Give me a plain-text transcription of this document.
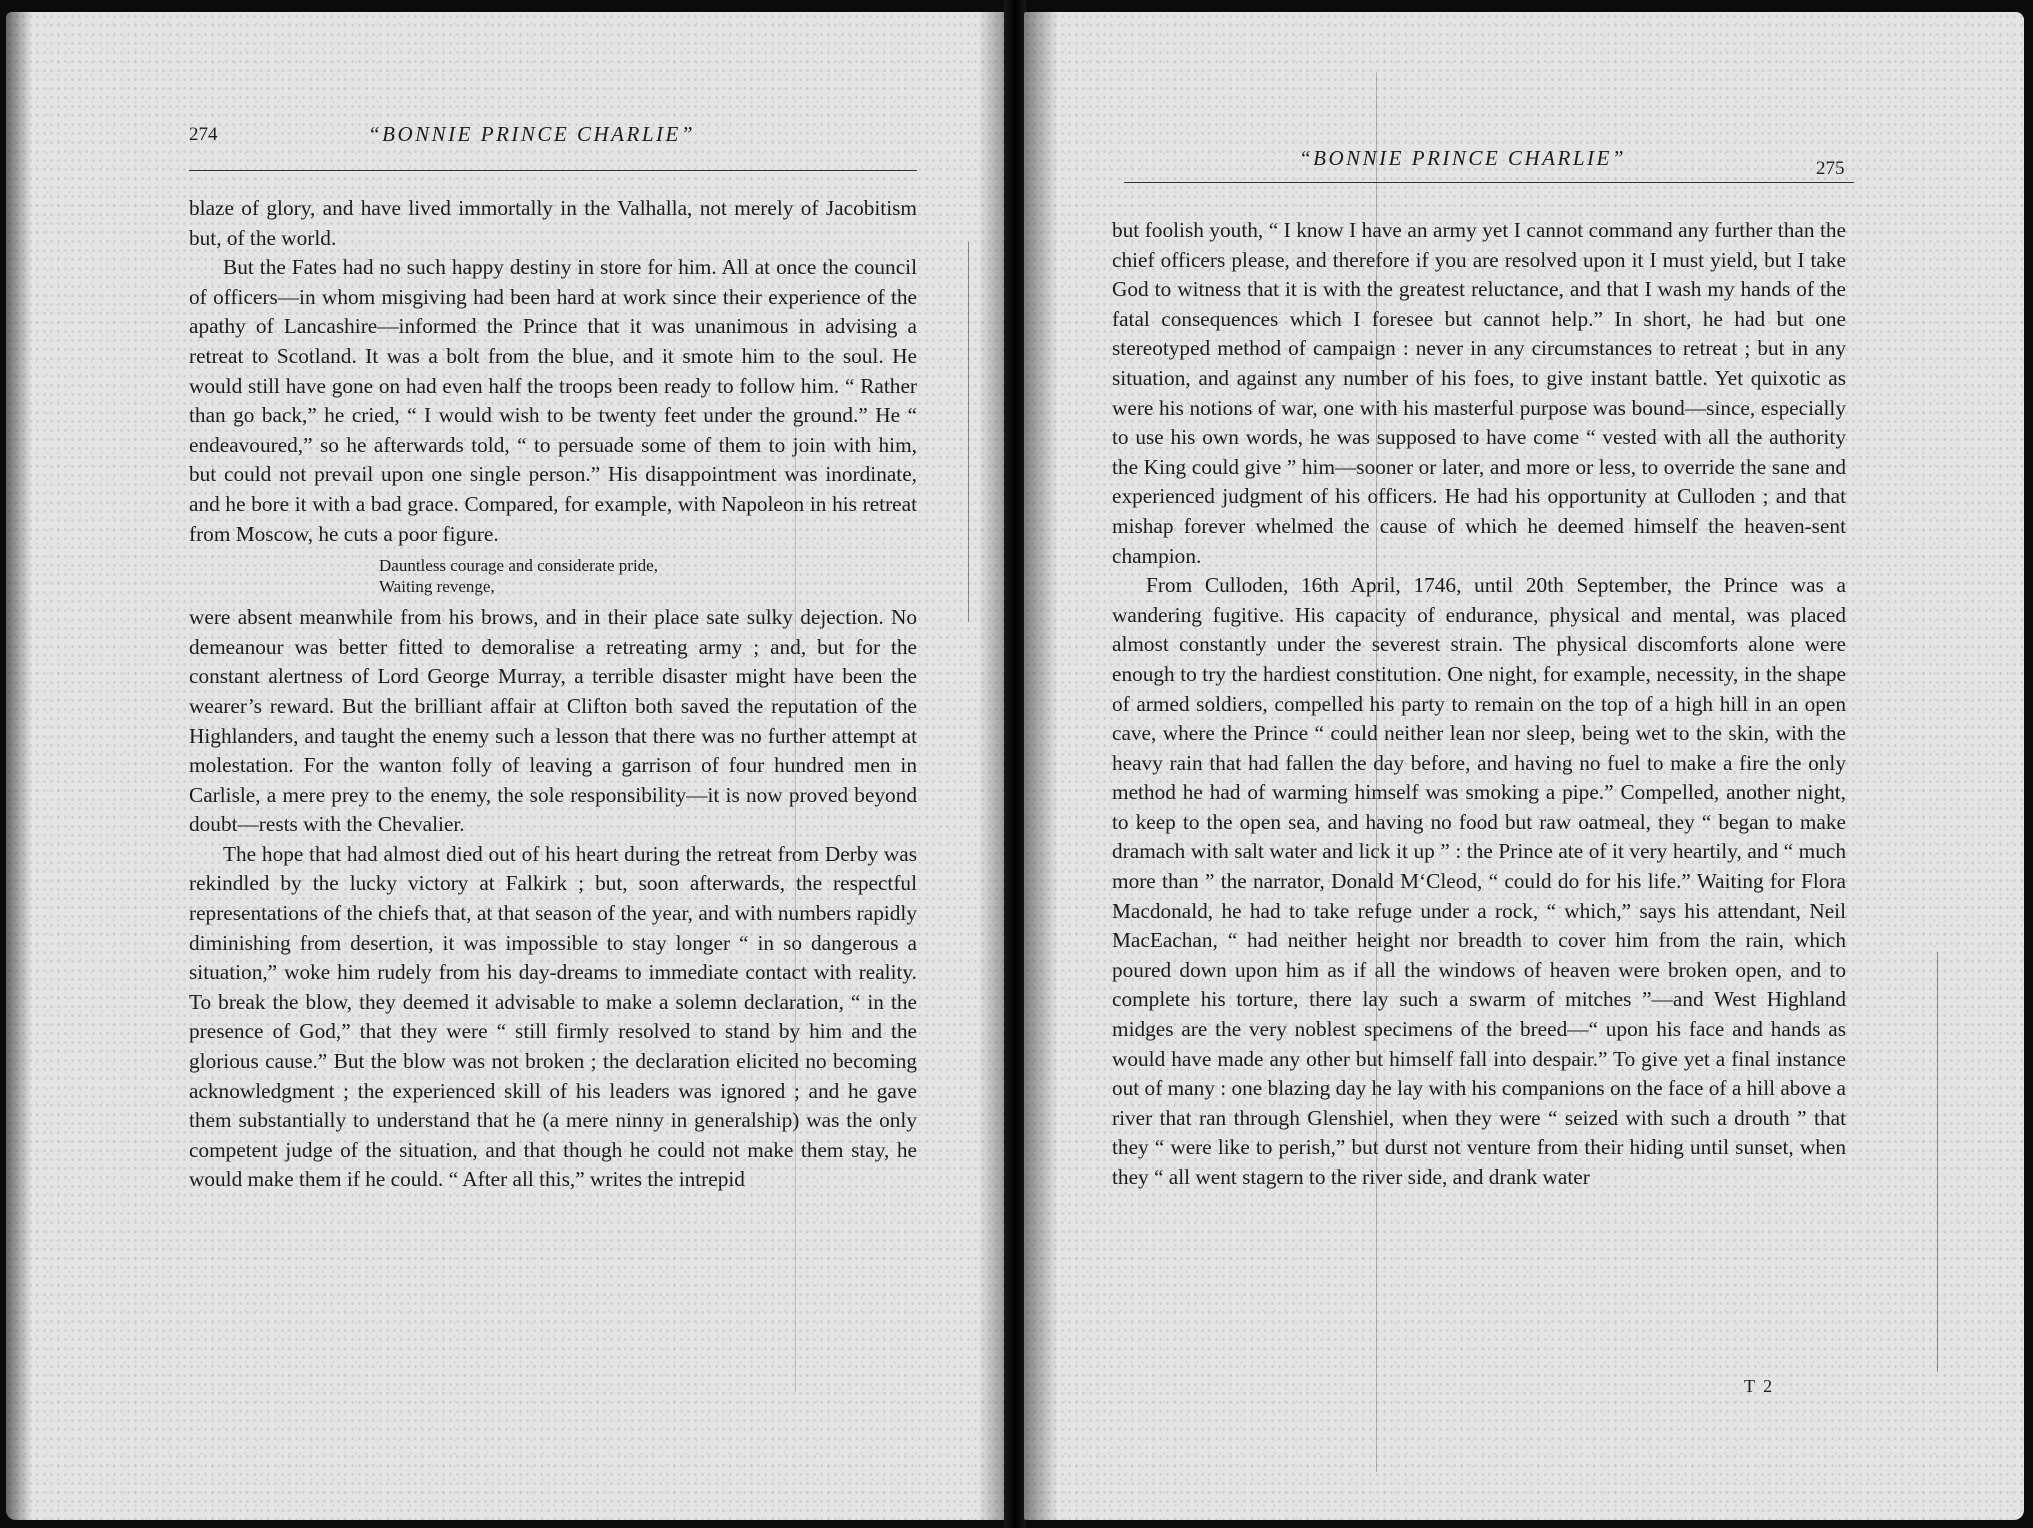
274	“BONNIE PRINCE CHARLIE”

blaze of glory, and have lived immortally in the Valhalla, not merely of Jacobitism but, of the world.

But the Fates had no such happy destiny in store for him. All at once the council of officers—in whom misgiving had been hard at work since their experience of the apathy of Lancashire—informed the Prince that it was unanimous in advising a retreat to Scotland. It was a bolt from the blue, and it smote him to the soul. He would still have gone on had even half the troops been ready to follow him. “ Rather than go back,” he cried, “ I would wish to be twenty feet under the ground.” He “ endeavoured,” so he afterwards told, “ to persuade some of them to join with him, but could not prevail upon one single person.” His disappointment was inordinate, and he bore it with a bad grace. Compared, for example, with Napoleon in his retreat from Moscow, he cuts a poor figure.

Dauntless courage and considerate pride,
Waiting revenge,

were absent meanwhile from his brows, and in their place sate sulky dejection. No demeanour was better fitted to demoralise a retreating army ; and, but for the constant alertness of Lord George Murray, a terrible disaster might have been the wearer’s reward. But the brilliant affair at Clifton both saved the reputation of the Highlanders, and taught the enemy such a lesson that there was no further attempt at molestation. For the wanton folly of leaving a garrison of four hundred men in Carlisle, a mere prey to the enemy, the sole responsibility—it is now proved beyond doubt—rests with the Chevalier.

The hope that had almost died out of his heart during the retreat from Derby was rekindled by the lucky victory at Falkirk ; but, soon afterwards, the respectful representations of the chiefs that, at that season of the year, and with numbers rapidly diminishing from desertion, it was impossible to stay longer “ in so dangerous a situation,” woke him rudely from his day-dreams to immediate contact with reality. To break the blow, they deemed it advisable to make a solemn declaration, “ in the presence of God,” that they were “ still firmly resolved to stand by him and the glorious cause.” But the blow was not broken ; the declaration elicited no becoming acknowledgment ; the experienced skill of his leaders was ignored ; and he gave them substantially to understand that he (a mere ninny in generalship) was the only competent judge of the situation, and that though he could not make them stay, he would make them if he could. “ After all this,” writes the intrepid

“BONNIE PRINCE CHARLIE”	275

but foolish youth, “ I know I have an army yet I cannot command any further than the chief officers please, and therefore if you are resolved upon it I must yield, but I take God to witness that it is with the greatest reluctance, and that I wash my hands of the fatal consequences which I foresee but cannot help.” In short, he had but one stereotyped method of campaign : never in any circumstances to retreat ; but in any situation, and against any number of his foes, to give instant battle. Yet quixotic as were his notions of war, one with his masterful purpose was bound—since, especially to use his own words, he was supposed to have come “ vested with all the authority the King could give ” him—sooner or later, and more or less, to override the sane and experienced judgment of his officers. He had his opportunity at Culloden ; and that mishap forever whelmed the cause of which he deemed himself the heaven-sent champion.

From Culloden, 16th April, 1746, until 20th September, the Prince was a wandering fugitive. His capacity of endurance, physical and mental, was placed almost constantly under the severest strain. The physical discomforts alone were enough to try the hardiest constitution. One night, for example, necessity, in the shape of armed soldiers, compelled his party to remain on the top of a high hill in an open cave, where the Prince “ could neither lean nor sleep, being wet to the skin, with the heavy rain that had fallen the day before, and having no fuel to make a fire the only method he had of warming himself was smoking a pipe.” Compelled, another night, to keep to the open sea, and having no food but raw oatmeal, they “ began to make dramach with salt water and lick it up ” : the Prince ate of it very heartily, and “ much more than ” the narrator, Donald M‘Cleod, “ could do for his life.” Waiting for Flora Macdonald, he had to take refuge under a rock, “ which,” says his attendant, Neil MacEachan, “ had neither height nor breadth to cover him from the rain, which poured down upon him as if all the windows of heaven were broken open, and to complete his torture, there lay such a swarm of mitches ”—and West Highland midges are the very noblest specimens of the breed—“ upon his face and hands as would have made any other but himself fall into despair.” To give yet a final instance out of many : one blazing day he lay with his companions on the face of a hill above a river that ran through Glenshiel, when they were “ seized with such a drouth ” that they “ were like to perish,” but durst not venture from their hiding until sunset, when they “ all went stagern to the river side, and drank water

T 2
